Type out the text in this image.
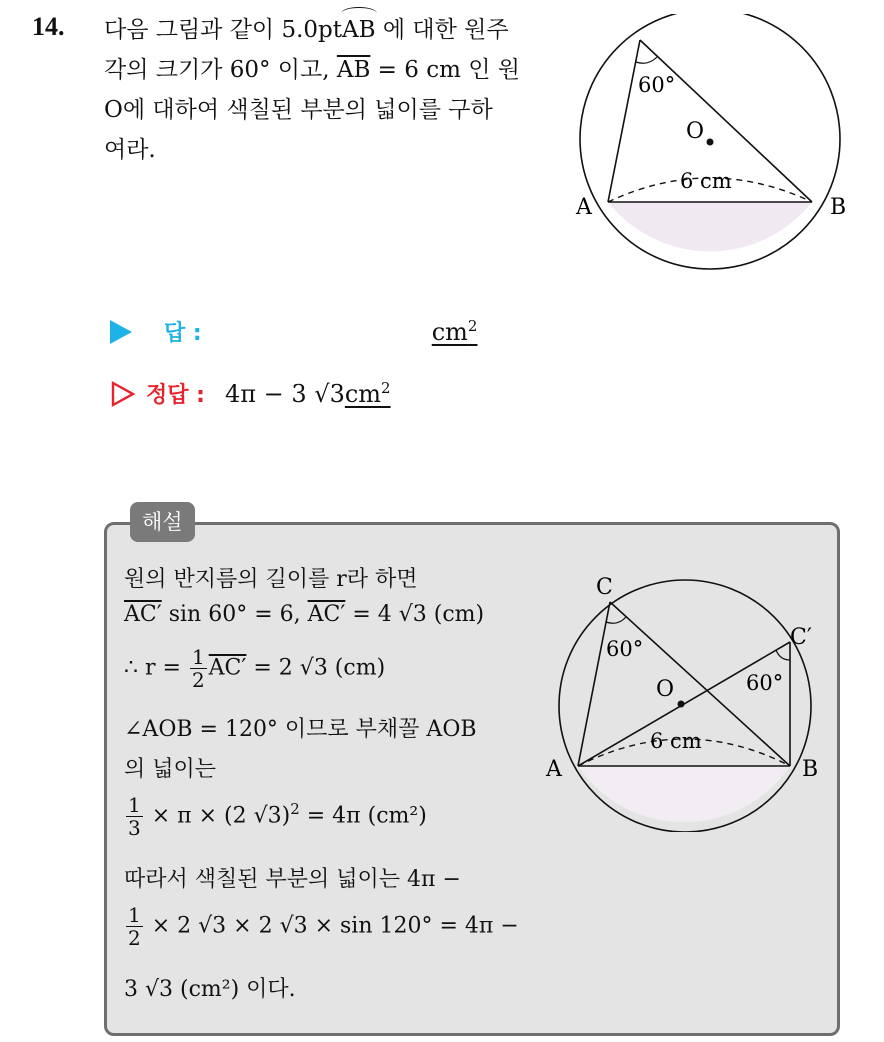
14. 다음 그림과 같이 5.0ptAB 에 대한 원주
각의 크기가 60° 이고, $\overline{AB} = 6$ cm 인 원
O에 대하여 색칠된 부분의 넓이를 구하
여라.
60°
O
6 cm
A	B
답 :	$cm^2$
정답 : 4π − 3 √3 $cm^2$
해설
원의 반지름의 길이를 r라 하면
AC′ sin 60° = 6, AC′ = 4 √3 (cm)
∴ $r = \frac{1}{2} AC' = 2$ √3 (cm)
∠AOB = 120° 이므로 부채꼴 AOB
의 넓이는
$\frac{1}{3} \times \pi \times (2$ √3)$^2$ = 4π (cm²)
따라서 색칠된 부분의 넓이는 4π −
$\frac{1}{2} \times 2$ √3 × 2 √3 × sin 120° = 4π −
3 √3 (cm²) 이다.
C
C′
60°
60°
O
6 cm
A	B
